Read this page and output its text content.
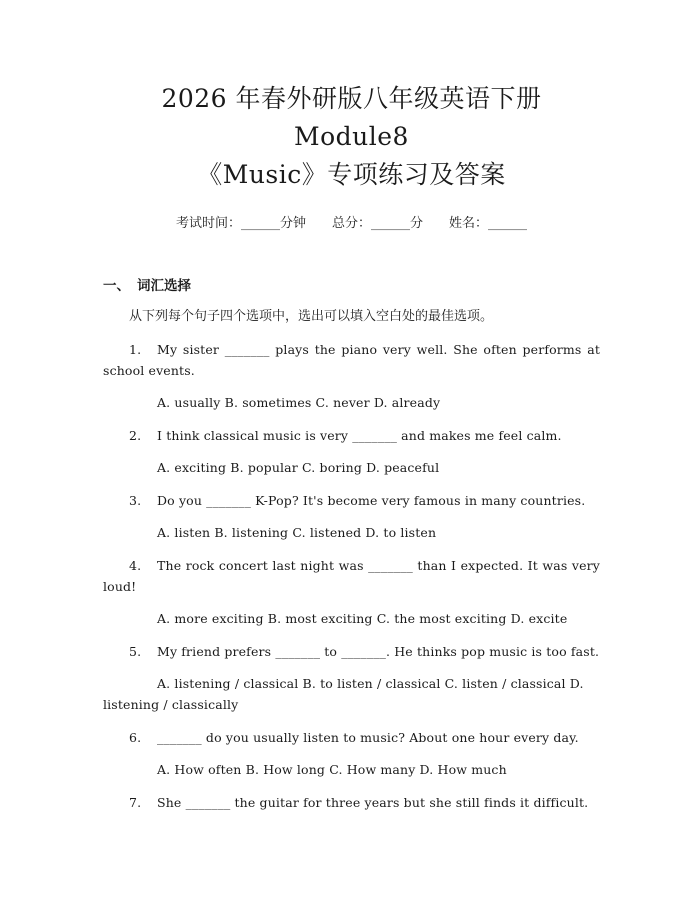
2026 年春外研版八年级英语下册 Module8
《Music》专项练习及答案
考试时间：______分钟 总分：______分 姓名：______
一、 词汇选择
从下列每个句子四个选项中，选出可以填入空白处的最佳选项。
1. My sister _______ plays the piano very well. She often performs at school events.
A. usually B. sometimes C. never D. already
2. I think classical music is very _______ and makes me feel calm.
A. exciting B. popular C. boring D. peaceful
3. Do you _______ K-Pop? It's become very famous in many countries.
A. listen B. listening C. listened D. to listen
4. The rock concert last night was _______ than I expected. It was very loud!
A. more exciting B. most exciting C. the most exciting D. excite
5. My friend prefers _______ to _______. He thinks pop music is too fast.
A. listening / classical B. to listen / classical C. listen / classical D. listening / classically
6. _______ do you usually listen to music? About one hour every day.
A. How often B. How long C. How many D. How much
7. She _______ the guitar for three years but she still finds it difficult.
